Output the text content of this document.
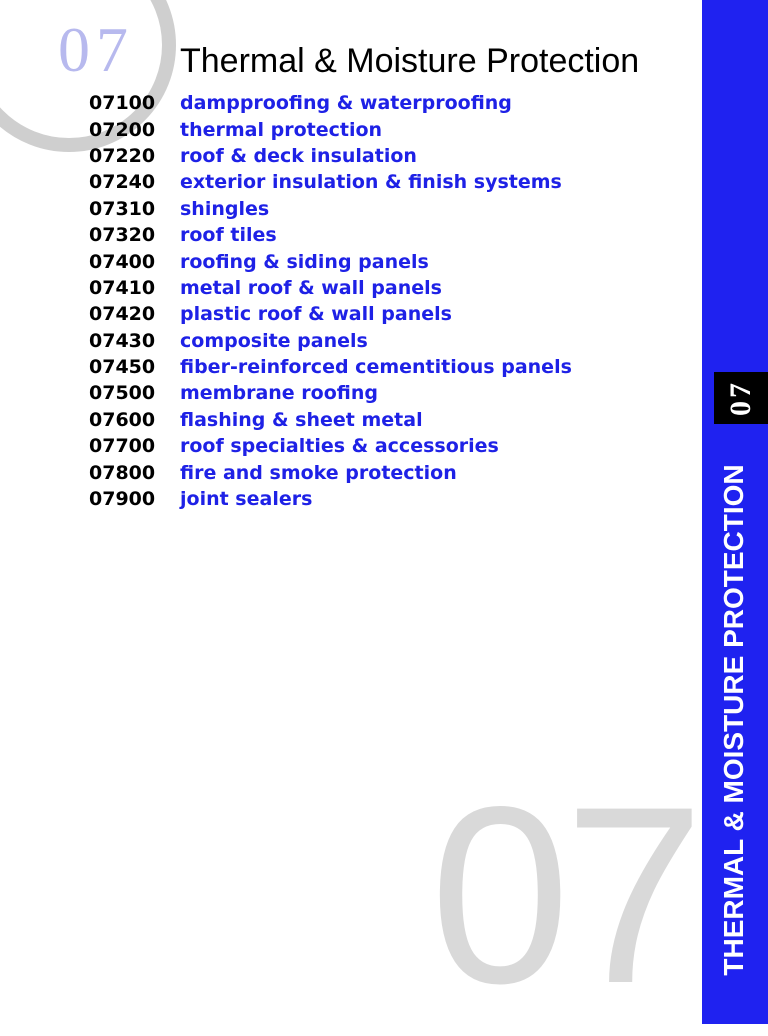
07 Thermal & Moisture Protection
07100	dampproofing & waterproofing
07200	thermal protection
07220	roof & deck insulation
07240	exterior insulation & finish systems
07310	shingles
07320	roof tiles
07400	roofing & siding panels
07410	metal roof & wall panels
07420	plastic roof & wall panels
07430	composite panels
07450	fiber-reinforced cementitious panels
07500	membrane roofing
07600	flashing & sheet metal
07700	roof specialties & accessories
07800	fire and smoke protection
07900	joint sealers
07
07
THERMAL & MOISTURE PROTECTION
